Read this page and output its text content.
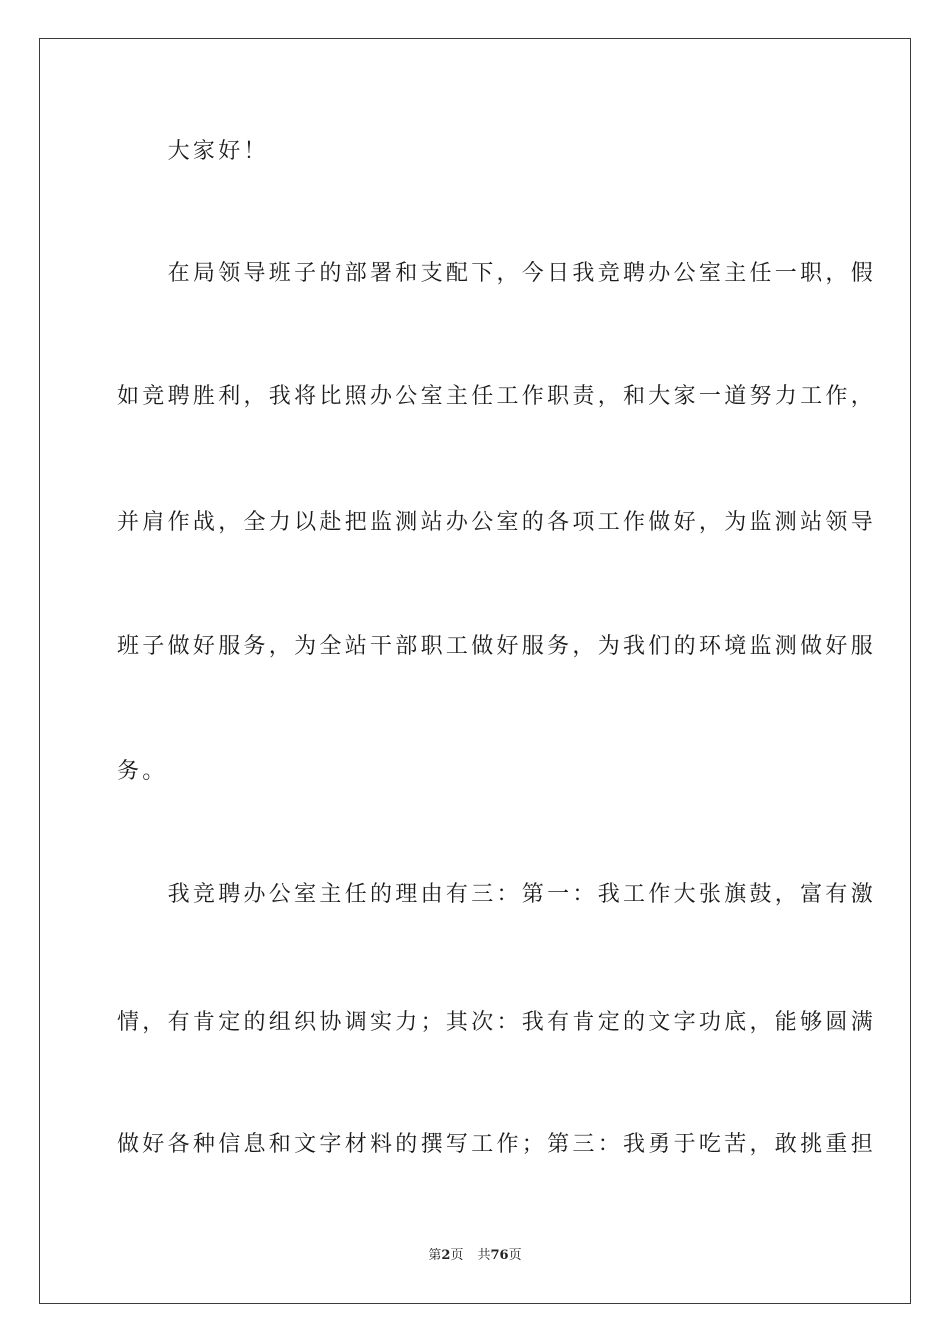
　　大家好！
　　在局领导班子的部署和支配下，今日我竞聘办公室主任一职，假
如竞聘胜利，我将比照办公室主任工作职责，和大家一道努力工作，
并肩作战，全力以赴把监测站办公室的各项工作做好，为监测站领导
班子做好服务，为全站干部职工做好服务，为我们的环境监测做好服
务。
　　我竞聘办公室主任的理由有三：第一：我工作大张旗鼓，富有激
情，有肯定的组织协调实力；其次：我有肯定的文字功底，能够圆满
做好各种信息和文字材料的撰写工作；第三：我勇于吃苦，敢挑重担
第2页 共76页
